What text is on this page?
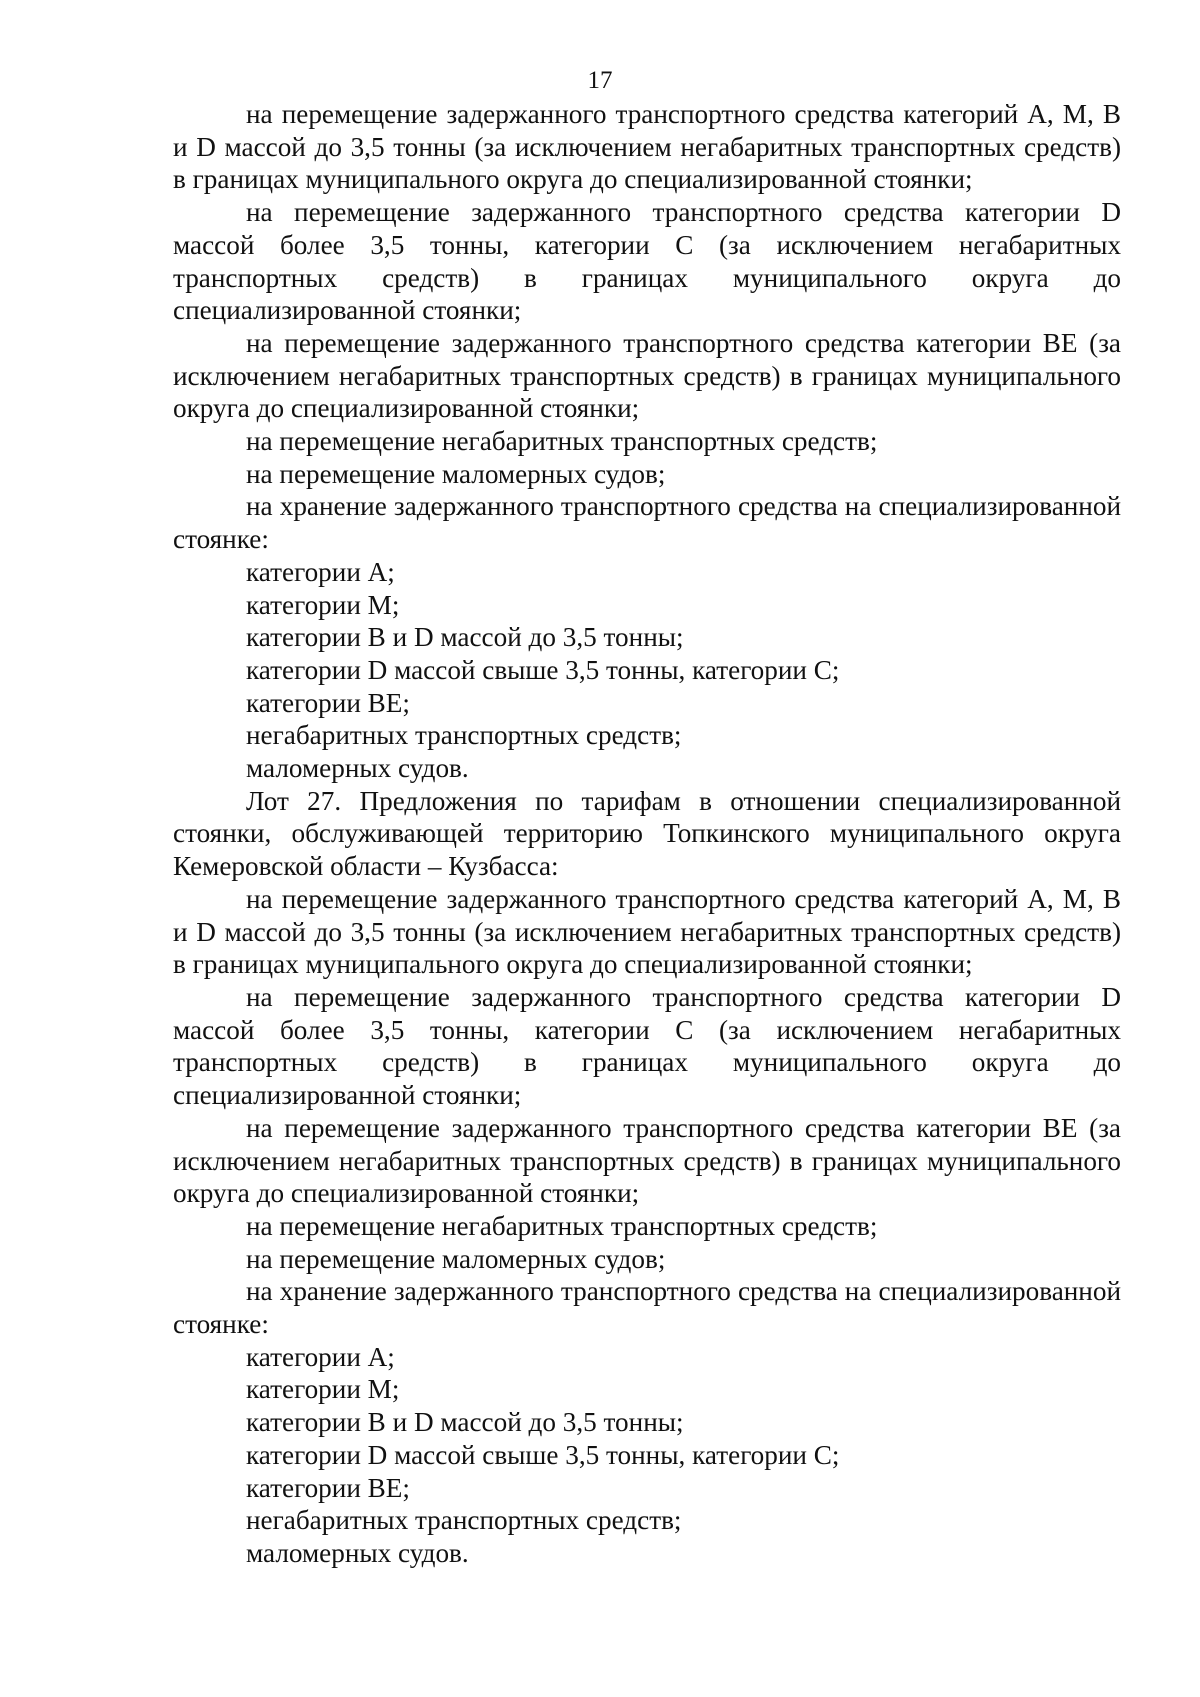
17

на перемещение задержанного транспортного средства категорий А, М, В и D массой до 3,5 тонны (за исключением негабаритных транспортных средств) в границах муниципального округа до специализированной стоянки;

на перемещение задержанного транспортного средства категории D массой более 3,5 тонны, категории С (за исключением негабаритных транспортных средств) в границах муниципального округа до специализированной стоянки;

на перемещение задержанного транспортного средства категории ВЕ (за исключением негабаритных транспортных средств) в границах муниципального округа до специализированной стоянки;

на перемещение негабаритных транспортных средств;

на перемещение маломерных судов;

на хранение задержанного транспортного средства на специализированной стоянке:

категории А;

категории М;

категории В и D массой до 3,5 тонны;

категории D массой свыше 3,5 тонны, категории С;

категории ВЕ;

негабаритных транспортных средств;

маломерных судов.

Лот 27. Предложения по тарифам в отношении специализированной стоянки, обслуживающей территорию Топкинского муниципального округа Кемеровской области – Кузбасса:

на перемещение задержанного транспортного средства категорий А, М, В и D массой до 3,5 тонны (за исключением негабаритных транспортных средств) в границах муниципального округа до специализированной стоянки;

на перемещение задержанного транспортного средства категории D массой более 3,5 тонны, категории С (за исключением негабаритных транспортных средств) в границах муниципального округа до специализированной стоянки;

на перемещение задержанного транспортного средства категории ВЕ (за исключением негабаритных транспортных средств) в границах муниципального округа до специализированной стоянки;

на перемещение негабаритных транспортных средств;

на перемещение маломерных судов;

на хранение задержанного транспортного средства на специализированной стоянке:

категории А;

категории М;

категории В и D массой до 3,5 тонны;

категории D массой свыше 3,5 тонны, категории С;

категории ВЕ;

негабаритных транспортных средств;

маломерных судов.
